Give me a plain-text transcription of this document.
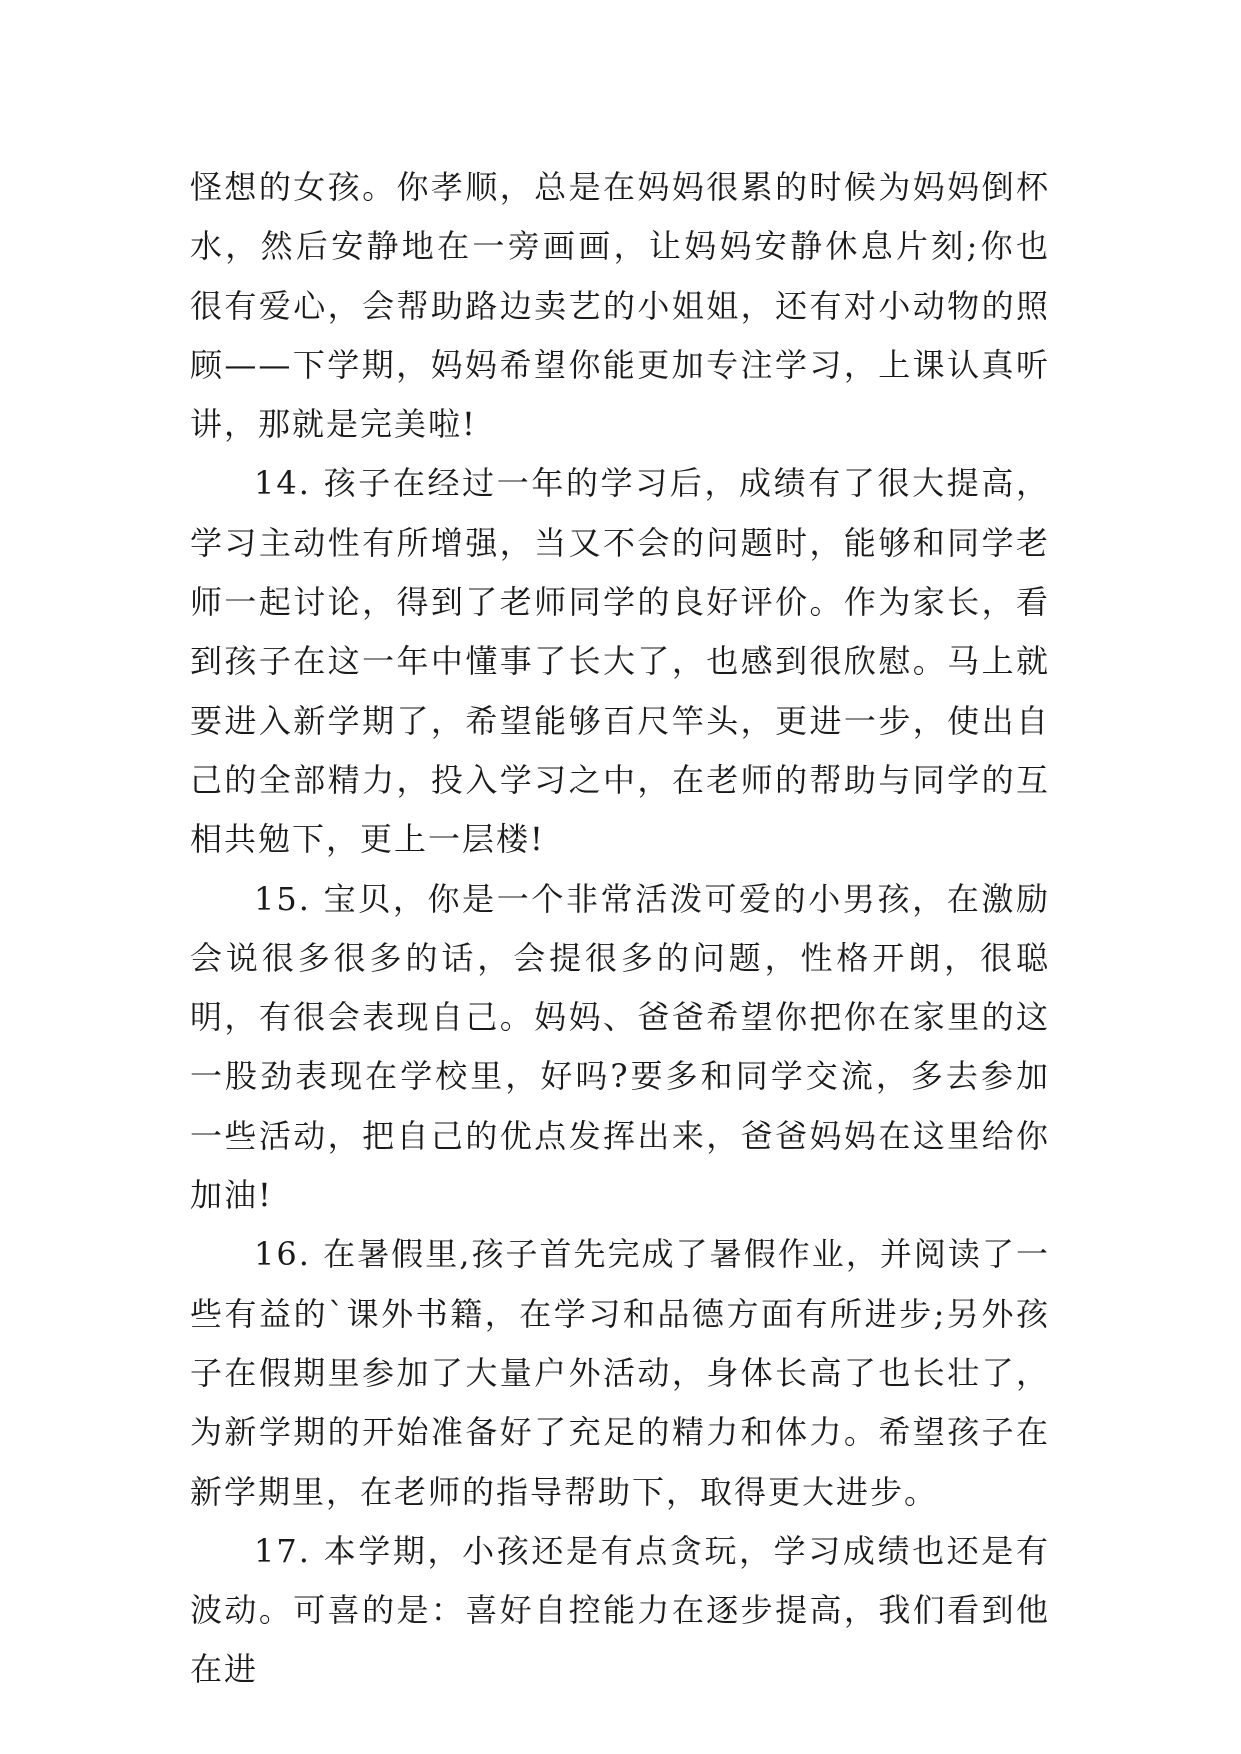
怪想的女孩。你孝顺，总是在妈妈很累的时候为妈妈倒杯水，然后安静地在一旁画画，让妈妈安静休息片刻;你也很有爱心，会帮助路边卖艺的小姐姐，还有对小动物的照顾——下学期，妈妈希望你能更加专注学习，上课认真听讲，那就是完美啦!

14. 孩子在经过一年的学习后，成绩有了很大提高，学习主动性有所增强，当又不会的问题时，能够和同学老师一起讨论，得到了老师同学的良好评价。作为家长，看到孩子在这一年中懂事了长大了，也感到很欣慰。马上就要进入新学期了，希望能够百尺竿头，更进一步，使出自己的全部精力，投入学习之中，在老师的帮助与同学的互相共勉下，更上一层楼!

15. 宝贝，你是一个非常活泼可爱的小男孩，在激励会说很多很多的话，会提很多的问题，性格开朗，很聪明，有很会表现自己。妈妈、爸爸希望你把你在家里的这一股劲表现在学校里，好吗?要多和同学交流，多去参加一些活动，把自己的优点发挥出来，爸爸妈妈在这里给你加油!

16. 在暑假里,孩子首先完成了暑假作业，并阅读了一些有益的`课外书籍，在学习和品德方面有所进步;另外孩子在假期里参加了大量户外活动，身体长高了也长壮了，为新学期的开始准备好了充足的精力和体力。希望孩子在新学期里，在老师的指导帮助下，取得更大进步。

17. 本学期，小孩还是有点贪玩，学习成绩也还是有波动。可喜的是：喜好自控能力在逐步提高，我们看到他在进
